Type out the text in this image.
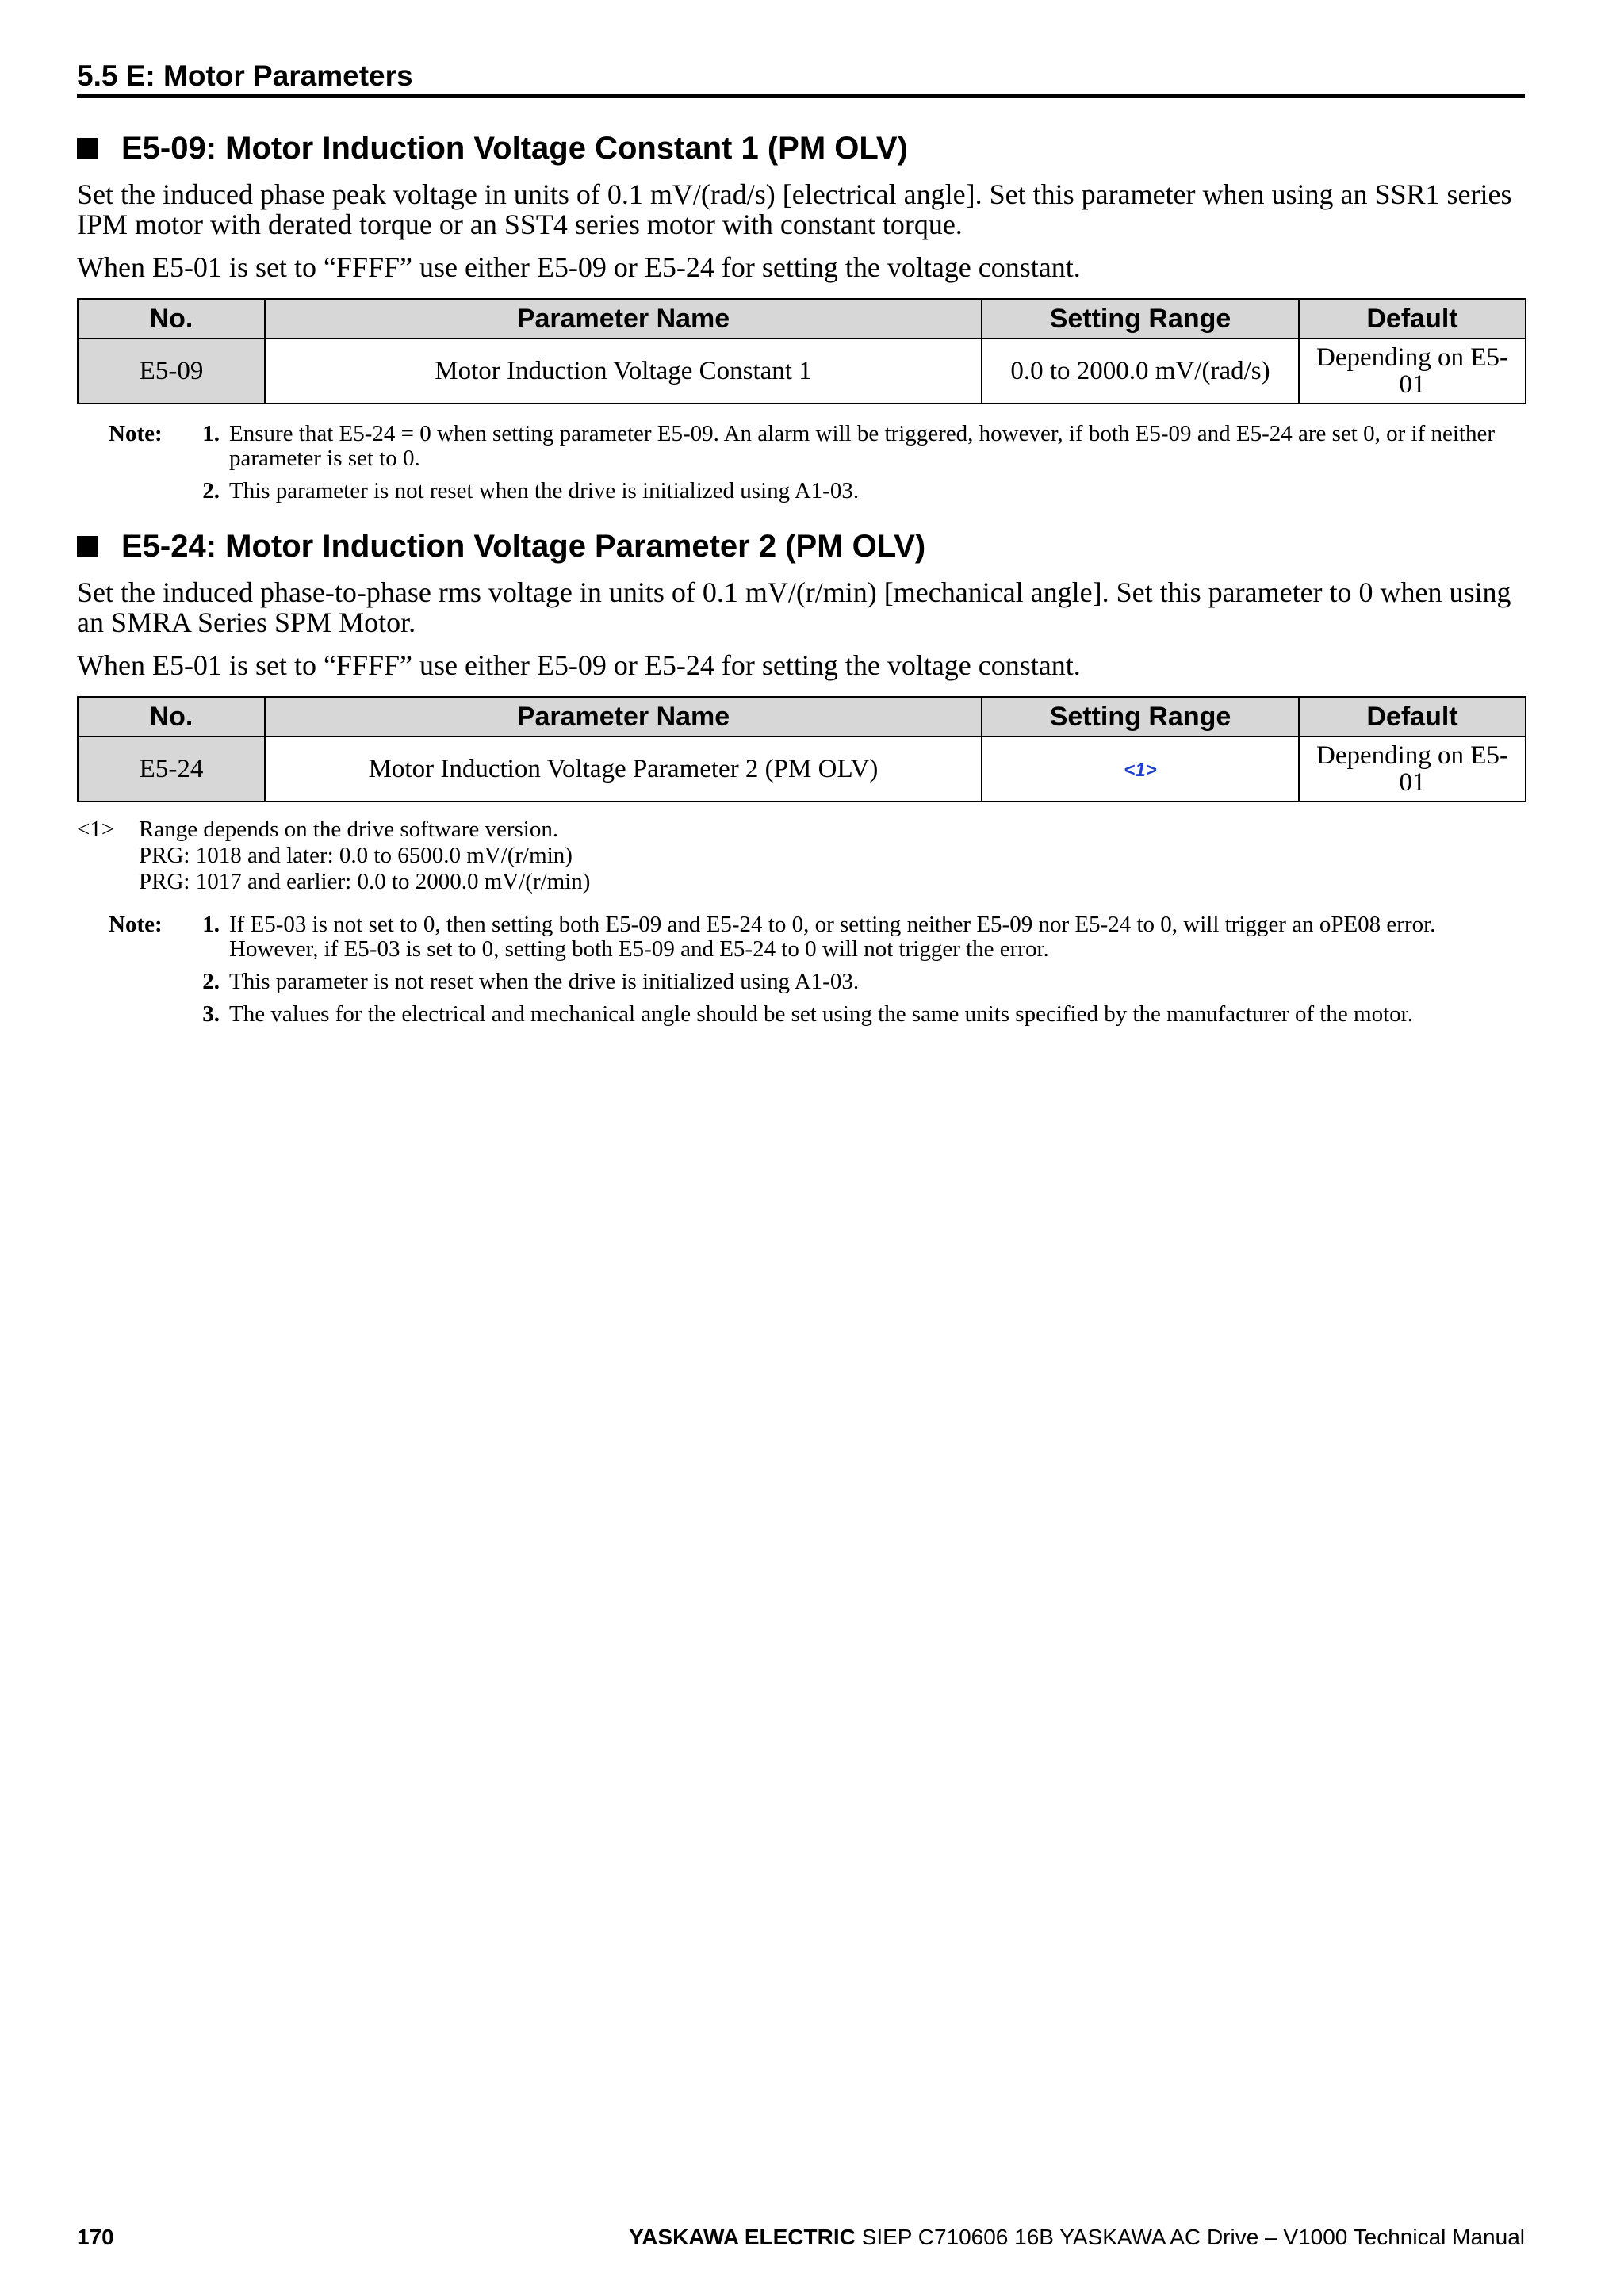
5.5 E: Motor Parameters
E5-09: Motor Induction Voltage Constant 1 (PM OLV)

Set the induced phase peak voltage in units of 0.1 mV/(rad/s) [electrical angle]. Set this parameter when using an SSR1 series IPM motor with derated torque or an SST4 series motor with constant torque.

When E5-01 is set to “FFFF” use either E5-09 or E5-24 for setting the voltage constant.

No.	Parameter Name	Setting Range	Default
E5-09	Motor Induction Voltage Constant 1	0.0 to 2000.0 mV/(rad/s)	Depending on E5-01
Note:	1. Ensure that E5-24 = 0 when setting parameter E5-09. An alarm will be triggered, however, if both E5-09 and E5-24 are set 0, or if neither parameter is set to 0.
2. This parameter is not reset when the drive is initialized using A1-03.
E5-24: Motor Induction Voltage Parameter 2 (PM OLV)

Set the induced phase-to-phase rms voltage in units of 0.1 mV/(r/min) [mechanical angle]. Set this parameter to 0 when using an SMRA Series SPM Motor.

When E5-01 is set to “FFFF” use either E5-09 or E5-24 for setting the voltage constant.

No.	Parameter Name	Setting Range	Default
E5-24	Motor Induction Voltage Parameter 2 (PM OLV)	<1>	Depending on E5-01
<1>	Range depends on the drive software version.
PRG: 1018 and later: 0.0 to 6500.0 mV/(r/min)
PRG: 1017 and earlier: 0.0 to 2000.0 mV/(r/min)
Note:	1. If E5-03 is not set to 0, then setting both E5-09 and E5-24 to 0, or setting neither E5-09 nor E5-24 to 0, will trigger an oPE08 error. However, if E5-03 is set to 0, setting both E5-09 and E5-24 to 0 will not trigger the error.
2. This parameter is not reset when the drive is initialized using A1-03.
3. The values for the electrical and mechanical angle should be set using the same units specified by the manufacturer of the motor.
170	YASKAWA ELECTRIC SIEP C710606 16B YASKAWA AC Drive – V1000 Technical Manual
